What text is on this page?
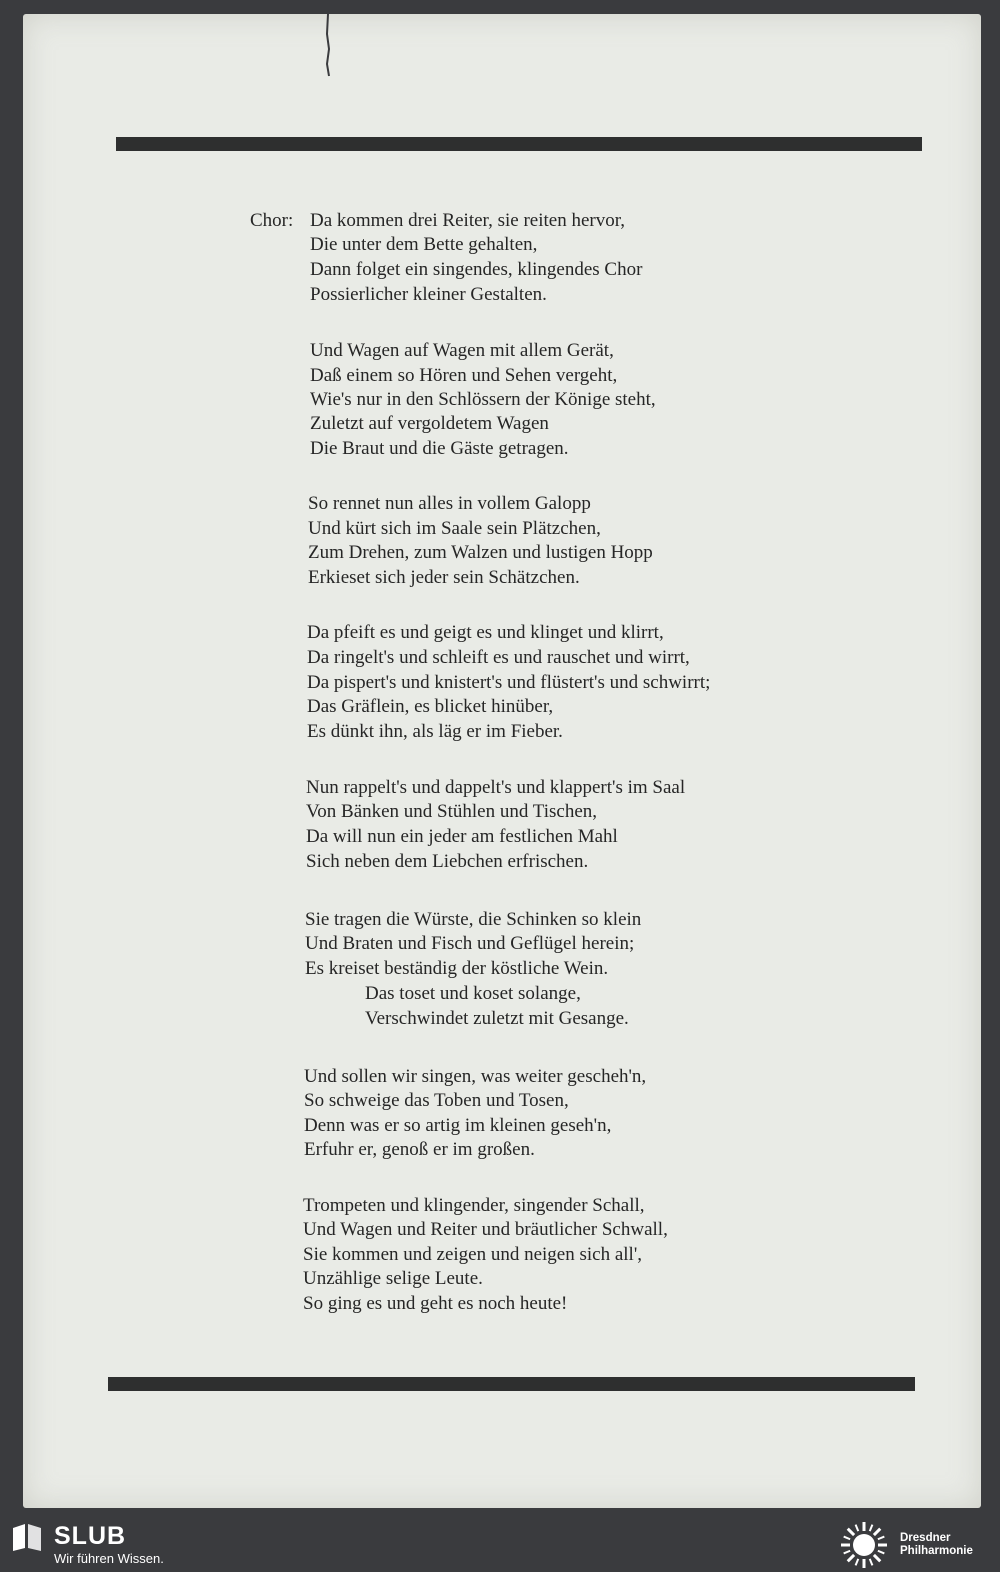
Chor: Da kommen drei Reiter, sie reiten hervor,
Die unter dem Bette gehalten,
Dann folget ein singendes, klingendes Chor
Possierlicher kleiner Gestalten.
Und Wagen auf Wagen mit allem Gerät,
Daß einem so Hören und Sehen vergeht,
Wie's nur in den Schlössern der Könige steht,
Zuletzt auf vergoldetem Wagen
Die Braut und die Gäste getragen.
So rennet nun alles in vollem Galopp
Und kürt sich im Saale sein Plätzchen,
Zum Drehen, zum Walzen und lustigen Hopp
Erkieset sich jeder sein Schätzchen.
Da pfeift es und geigt es und klinget und klirrt,
Da ringelt's und schleift es und rauschet und wirrt,
Da pispert's und knistert's und flüstert's und schwirrt;
Das Gräflein, es blicket hinüber,
Es dünkt ihn, als läg er im Fieber.
Nun rappelt's und dappelt's und klappert's im Saal
Von Bänken und Stühlen und Tischen,
Da will nun ein jeder am festlichen Mahl
Sich neben dem Liebchen erfrischen.
Sie tragen die Würste, die Schinken so klein
Und Braten und Fisch und Geflügel herein;
Es kreiset beständig der köstliche Wein.
Das toset und koset solange,
Verschwindet zuletzt mit Gesange.
Und sollen wir singen, was weiter gescheh'n,
So schweige das Toben und Tosen,
Denn was er so artig im kleinen geseh'n,
Erfuhr er, genoß er im großen.
Trompeten und klingender, singender Schall,
Und Wagen und Reiter und bräutlicher Schwall,
Sie kommen und zeigen und neigen sich all',
Unzählige selige Leute.
So ging es und geht es noch heute!
SLUB
Wir führen Wissen.
Dresdner
Philharmonie
